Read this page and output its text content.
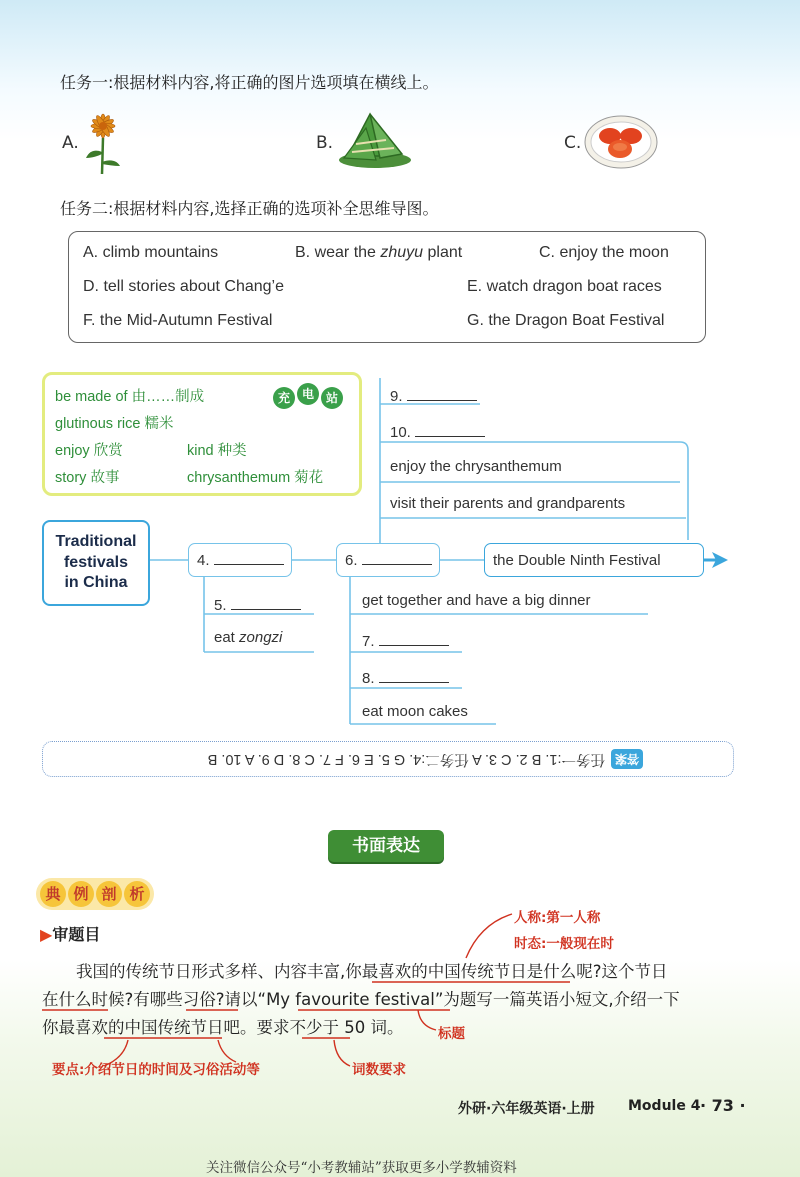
任务一:根据材料内容,将正确的图片选项填在横线上。
A.	B.	C.
任务二:根据材料内容,选择正确的选项补全思维导图。
A. climb mountains	B. wear the zhuyu plant	C. enjoy the moon
D. tell stories about Chang’e	E. watch dragon boat races
F. the Mid-Autumn Festival	G. the Dragon Boat Festival
be made of 由……制成
glutinous rice 糯米
enjoy 欣赏	kind 种类
story 故事	chrysanthemum 菊花
充 电 站
Traditional
festivals
in China
4.	6.	the Double Ninth Festival
9.
10.
enjoy the chrysanthemum
visit their parents and grandparents
5.
eat zongzi
get together and have a big dinner
7.
8.
eat moon cakes
答案任务一:1. B 2. C 3. A 任务二:4. G 5. E 6. F 7. C 8. D 9. A 10. B
书面表达
典 例 剖 析
▶审题目
人称:第一人称
时态:一般现在时
我国的传统节日形式多样、内容丰富,你最喜欢的中国传统节日是什么呢?这个节日
在什么时候?有哪些习俗?请以“My favourite festival”为题写一篇英语小短文,介绍一下
你最喜欢的中国传统节日吧。要求不少于 50 词。	标题
要点:介绍节日的时间及习俗活动等	词数要求
外研·六年级英语·上册 Module 4 · 73 ·
关注微信公众号“小考教辅站”获取更多小学教辅资料
